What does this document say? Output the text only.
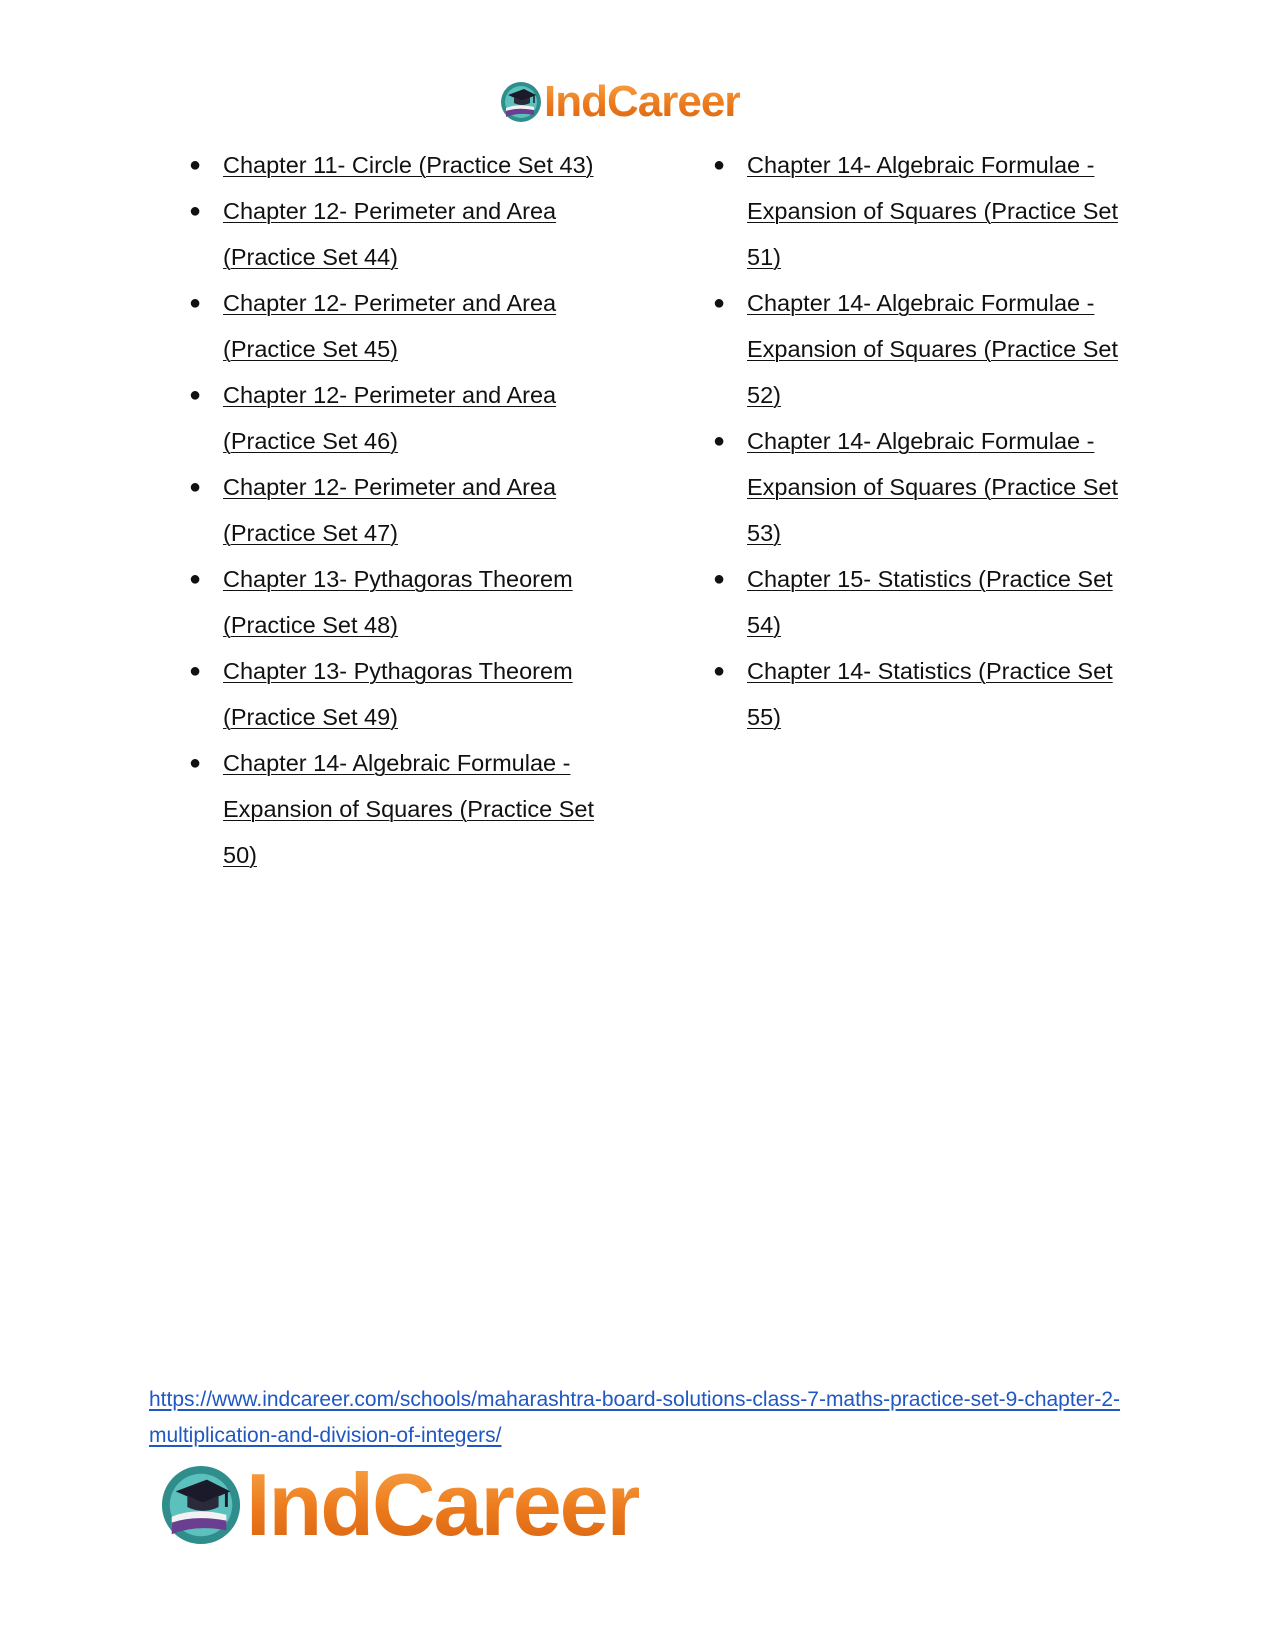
IndCareer
● Chapter 11- Circle (Practice Set 43)
● Chapter 12- Perimeter and Area (Practice Set 44)
● Chapter 12- Perimeter and Area (Practice Set 45)
● Chapter 12- Perimeter and Area (Practice Set 46)
● Chapter 12- Perimeter and Area (Practice Set 47)
● Chapter 13- Pythagoras Theorem (Practice Set 48)
● Chapter 13- Pythagoras Theorem (Practice Set 49)
● Chapter 14- Algebraic Formulae - Expansion of Squares (Practice Set 50)
● Chapter 14- Algebraic Formulae - Expansion of Squares (Practice Set 51)
● Chapter 14- Algebraic Formulae - Expansion of Squares (Practice Set 52)
● Chapter 14- Algebraic Formulae - Expansion of Squares (Practice Set 53)
● Chapter 15- Statistics (Practice Set 54)
● Chapter 14- Statistics (Practice Set 55)
https://www.indcareer.com/schools/maharashtra-board-solutions-class-7-maths-practice-set-9-chapter-2-multiplication-and-division-of-integers/
IndCareer
